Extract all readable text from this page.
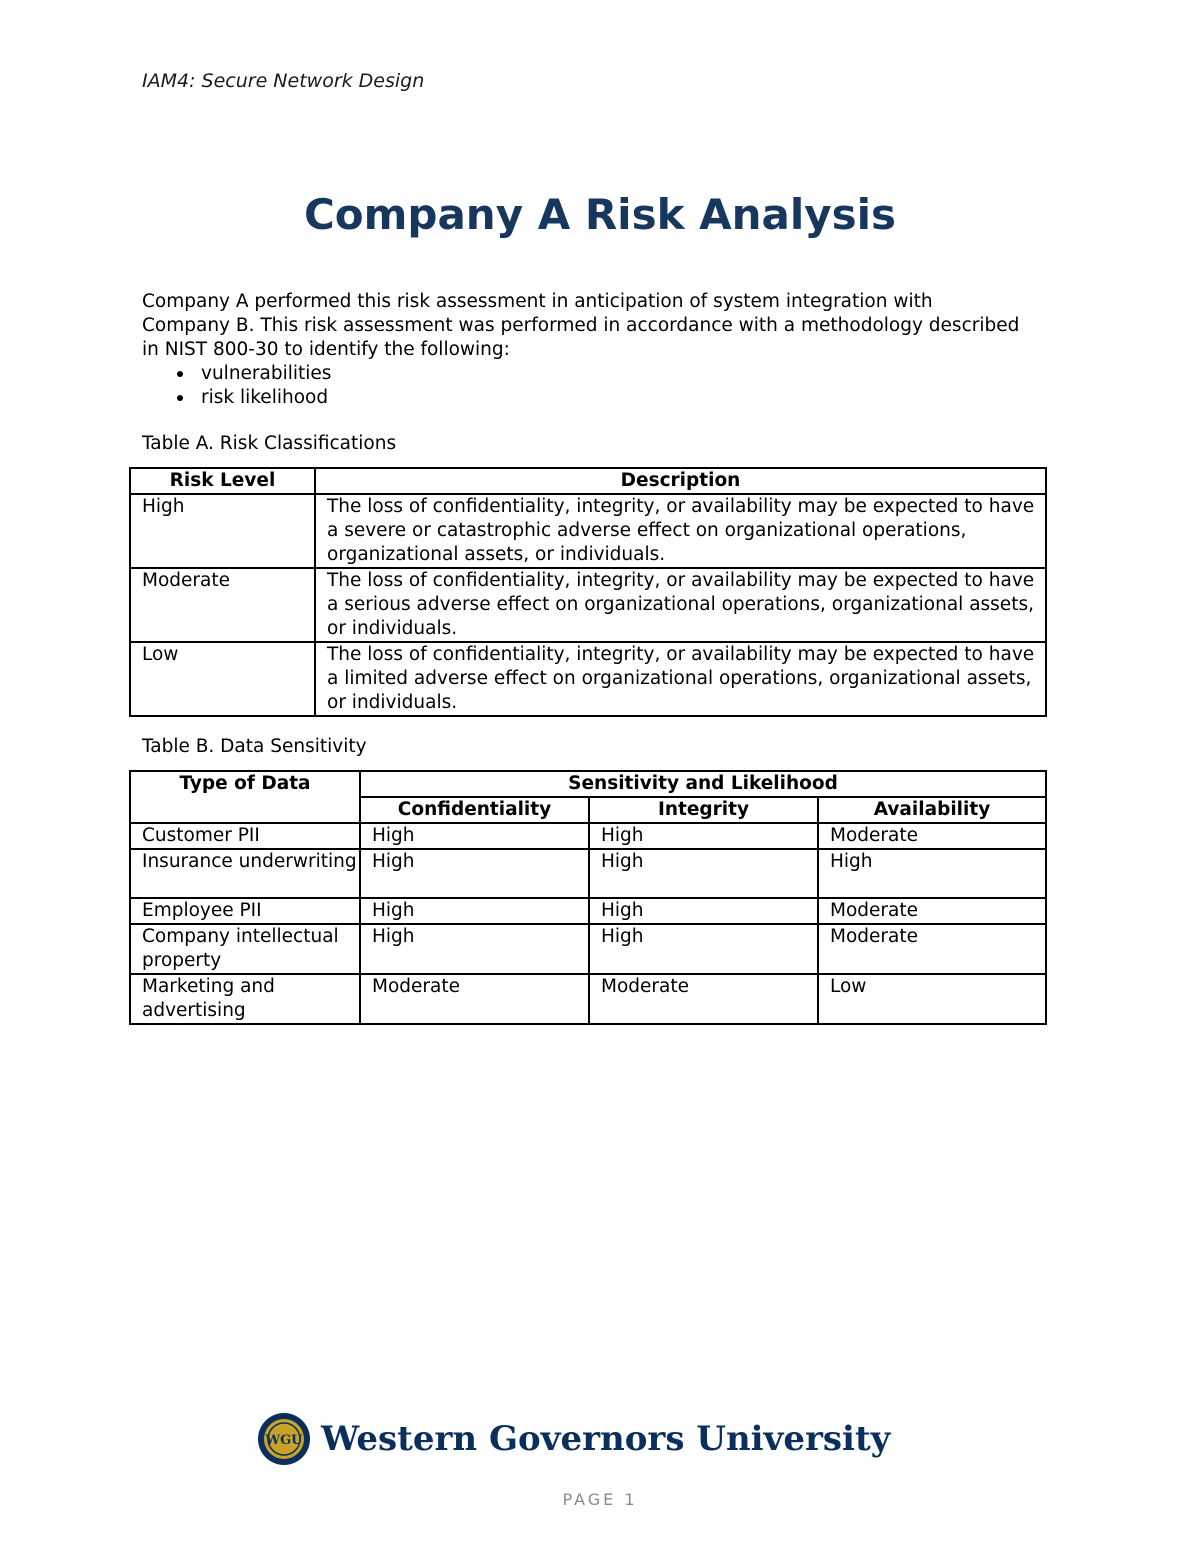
IAM4: Secure Network Design
Company A Risk Analysis
Company A performed this risk assessment in anticipation of system integration with Company B. This risk assessment was performed in accordance with a methodology described in NIST 800-30 to identify the following:
vulnerabilities
risk likelihood
Table A. Risk Classifications
Risk Level	Description
High	The loss of confidentiality, integrity, or availability may be expected to have a severe or catastrophic adverse effect on organizational operations, organizational assets, or individuals.
Moderate	The loss of confidentiality, integrity, or availability may be expected to have a serious adverse effect on organizational operations, organizational assets, or individuals.
Low	The loss of confidentiality, integrity, or availability may be expected to have a limited adverse effect on organizational operations, organizational assets, or individuals.
Table B. Data Sensitivity
Type of Data	Sensitivity and Likelihood		
	Confidentiality	Integrity	Availability
Customer PII	High	High	Moderate
Insurance underwriting	High	High	High
Employee PII	High	High	Moderate
Company intellectual property	High	High	Moderate
Marketing and advertising	Moderate	Moderate	Low
WGU Western Governors University
PAGE 1
